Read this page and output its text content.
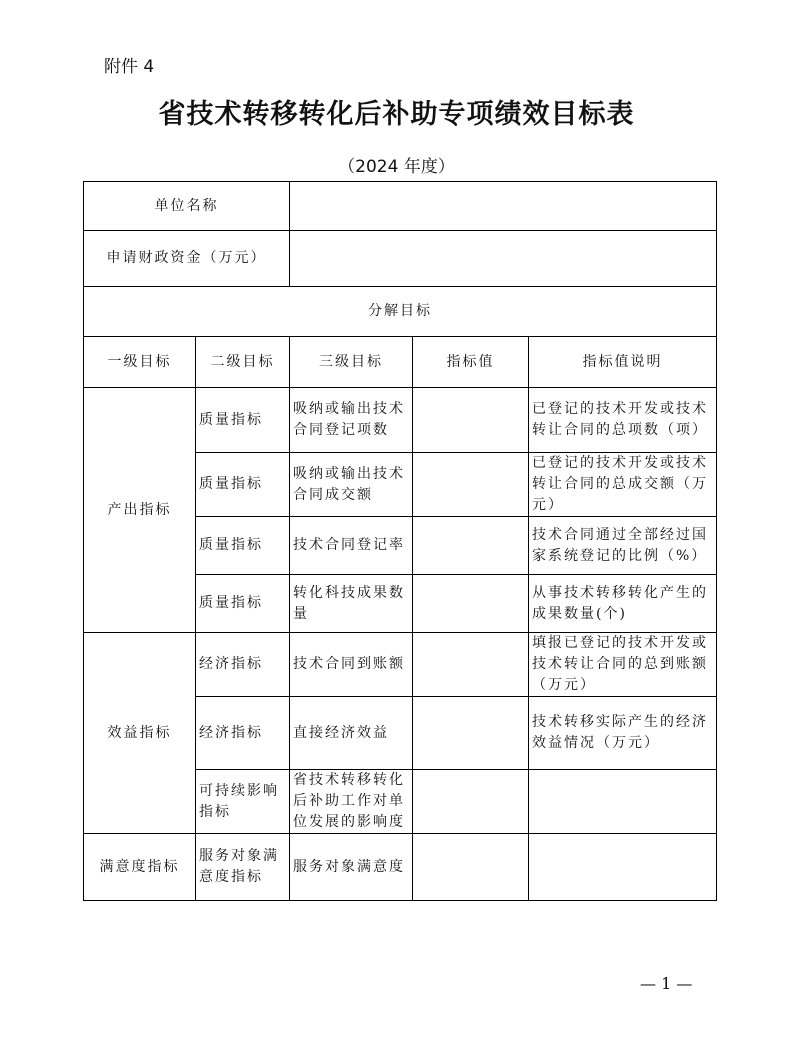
附件 4
省技术转移转化后补助专项绩效目标表
（2024 年度）
单位名称				
申请财政资金（万元）				
分解目标				
一级目标	二级目标	三级目标	指标值	指标值说明
产出指标	质量指标	吸纳或输出技术合同登记项数		已登记的技术开发或技术转让合同的总项数（项）
	质量指标	吸纳或输出技术合同成交额		已登记的技术开发或技术转让合同的总成交额（万元）
	质量指标	技术合同登记率		技术合同通过全部经过国家系统登记的比例（%）
	质量指标	转化科技成果数量		从事技术转移转化产生的成果数量(个)
效益指标	经济指标	技术合同到账额		填报已登记的技术开发或技术转让合同的总到账额（万元）
	经济指标	直接经济效益		技术转移实际产生的经济效益情况（万元）
	可持续影响指标	省技术转移转化后补助工作对单位发展的影响度		
满意度指标	服务对象满意度指标	服务对象满意度		
— 1 —
